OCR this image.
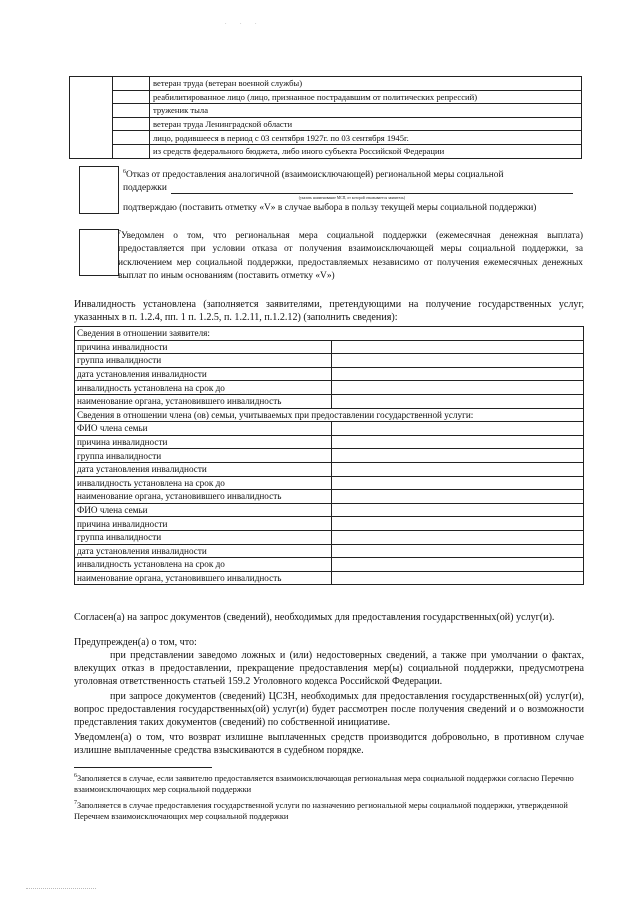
. . .
		ветеран труда (ветеран военной службы)
		реабилитированное лицо (лицо, признанное пострадавшим от политических репрессий)
		труженик тыла
		ветеран труда Ленинградской области
		лицо, родившееся в период с 03 сентября 1927г. по 03 сентября 1945г.
		из средств федерального бюджета, либо иного субъекта Российской Федерации
$^6$Отказ от предоставления аналогичной (взаимоисключающей) региональной меры социальной
поддержки
(указать наименование МСП, от которой отказывается заявитель)
подтверждаю (поставить отметку «V» в случае выбора в пользу текущей меры социальной поддержки)
$^7$Уведомлен о том, что региональная мера социальной поддержки (ежемесячная денежная выплата) предоставляется при условии отказа от получения взаимоисключающей меры социальной поддержки, за исключением мер социальной поддержки, предоставляемых независимо от получения ежемесячных денежных выплат по иным основаниям (поставить отметку «V»)
Инвалидность установлена (заполняется заявителями, претендующими на получение государственных услуг, указанных в п. 1.2.4, пп. 1 п. 1.2.5, п. 1.2.11, п.1.2.12) (заполнить сведения):
Сведения в отношении заявителя:	
причина инвалидности	
группа инвалидности	
дата установления инвалидности	
инвалидность установлена на срок до	
наименование органа, установившего инвалидность	
Сведения в отношении члена (ов) семьи, учитываемых при предоставлении государственной услуги:	
ФИО члена семьи	
причина инвалидности	
группа инвалидности	
дата установления инвалидности	
инвалидность установлена на срок до	
наименование органа, установившего инвалидность	
ФИО члена семьи	
причина инвалидности	
группа инвалидности	
дата установления инвалидности	
инвалидность установлена на срок до	
наименование органа, установившего инвалидность	
Согласен(а) на запрос документов (сведений), необходимых для предоставления государственных(ой) услуг(и).
Предупрежден(а) о том, что:
при представлении заведомо ложных и (или) недостоверных сведений, а также при умолчании о фактах, влекущих отказ в предоставлении, прекращение предоставления мер(ы) социальной поддержки, предусмотрена уголовная ответственность статьей 159.2 Уголовного кодекса Российской Федерации.
при запросе документов (сведений) ЦСЗН, необходимых для предоставления государственных(ой) услуг(и), вопрос предоставления государственных(ой) услуг(и) будет рассмотрен после получения сведений и о возможности представления таких документов (сведений) по собственной инициативе.
Уведомлен(а) о том, что возврат излишне выплаченных средств производится добровольно, в противном случае излишне выплаченные средства взыскиваются в судебном порядке.
$^6$Заполняется в случае, если заявителю предоставляется взаимоисключающая региональная мера социальной поддержки согласно Перечню взаимоисключающих мер социальной поддержки
$^7$Заполняется в случае предоставления государственной услуги по назначению региональной меры социальной поддержки, утвержденной Перечнем взаимоисключающих мер социальной поддержки
